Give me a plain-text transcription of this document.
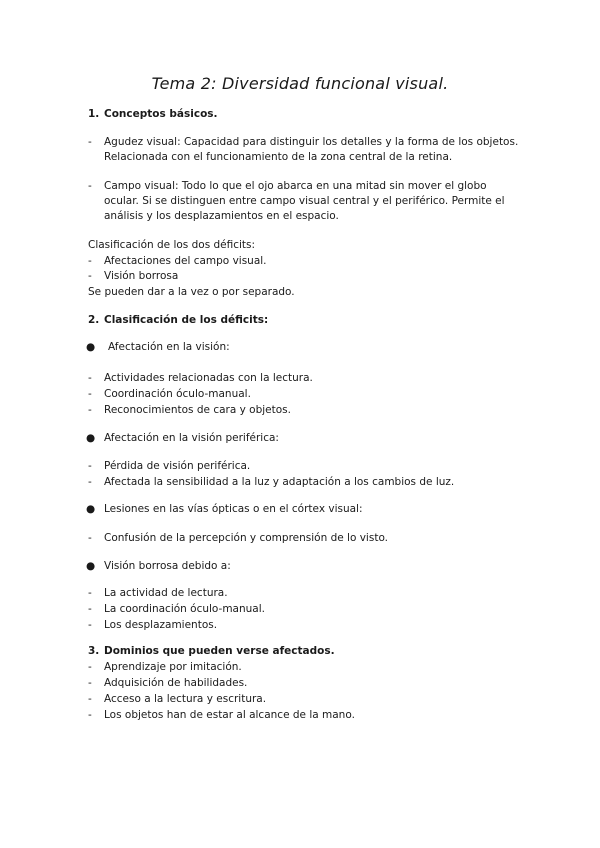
Tema 2: Diversidad funcional visual.
1. Conceptos básicos.
- Agudez visual: Capacidad para distinguir los detalles y la forma de los objetos.
Relacionada con el funcionamiento de la zona central de la retina.
- Campo visual: Todo lo que el ojo abarca en una mitad sin mover el globo
ocular. Si se distinguen entre campo visual central y el periférico. Permite el
análisis y los desplazamientos en el espacio.
Clasificación de los dos déficits:
- Afectaciones del campo visual.
- Visión borrosa
Se pueden dar a la vez o por separado.
2. Clasificación de los déficits:
● Afectación en la visión:
- Actividades relacionadas con la lectura.
- Coordinación óculo-manual.
- Reconocimientos de cara y objetos.
● Afectación en la visión periférica:
- Pérdida de visión periférica.
- Afectada la sensibilidad a la luz y adaptación a los cambios de luz.
● Lesiones en las vías ópticas o en el córtex visual:
- Confusión de la percepción y comprensión de lo visto.
● Visión borrosa debido a:
- La actividad de lectura.
- La coordinación óculo-manual.
- Los desplazamientos.
3. Dominios que pueden verse afectados.
- Aprendizaje por imitación.
- Adquisición de habilidades.
- Acceso a la lectura y escritura.
- Los objetos han de estar al alcance de la mano.
